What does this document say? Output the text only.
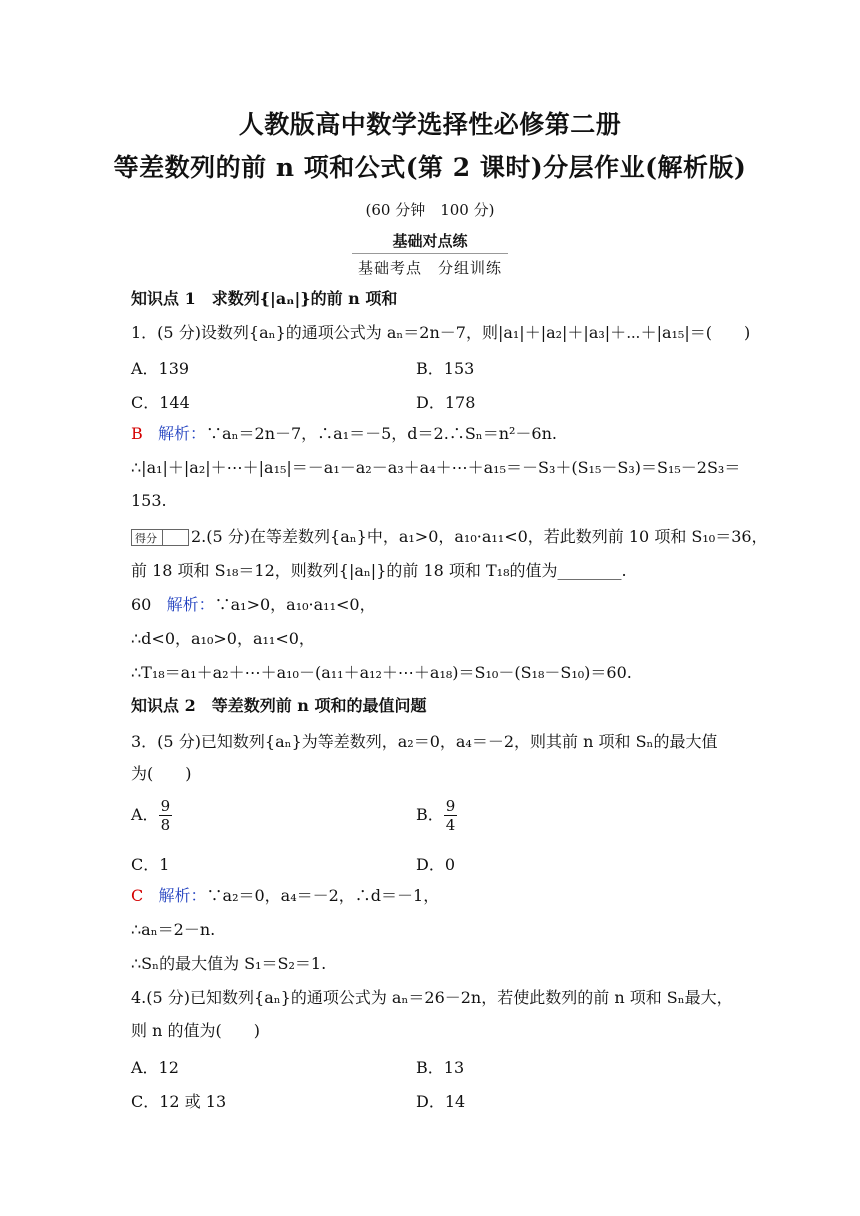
人教版高中数学选择性必修第二册
等差数列的前 n 项和公式(第 2 课时)分层作业(解析版)
(60 分钟　100 分)
基础对点练
基础考点　分组训练
知识点 1　求数列{|aₙ|}的前 n 项和
1．(5 分)设数列{aₙ}的通项公式为 aₙ＝2n－7，则|a₁|＋|a₂|＋|a₃|＋⋯＋|a₁₅|＝(　　)
A．139	B．153
C．144	D．178
B 解析：∵aₙ＝2n－7，∴a₁＝－5，d＝2.∴Sₙ＝n²－6n.
∴|a₁|＋|a₂|＋⋯＋|a₁₅|＝－a₁－a₂－a₃＋a₄＋⋯＋a₁₅＝－S₃＋(S₁₅－S₃)＝S₁₅－2S₃＝
153.
得分 2.(5 分)在等差数列{aₙ}中，a₁>0，a₁₀·a₁₁<0，若此数列前 10 项和 S₁₀＝36，
前 18 项和 S₁₈＝12，则数列{|aₙ|}的前 18 项和 T₁₈的值为________.
60 解析：∵a₁>0，a₁₀·a₁₁<0，
∴d<0，a₁₀>0，a₁₁<0，
∴T₁₈＝a₁＋a₂＋⋯＋a₁₀－(a₁₁＋a₁₂＋⋯＋a₁₈)＝S₁₀－(S₁₈－S₁₀)＝60.
知识点 2　等差数列前 n 项和的最值问题
3．(5 分)已知数列{aₙ}为等差数列，a₂＝0，a₄＝－2，则其前 n 项和 Sₙ的最大值
为(　　)
A． $\frac{9}{8}$	B． $\frac{9}{4}$
C．1	D．0
C 解析：∵a₂＝0，a₄＝－2，∴d＝－1，
∴aₙ＝2－n.
∴Sₙ的最大值为 S₁＝S₂＝1.
4.(5 分)已知数列{aₙ}的通项公式为 aₙ＝26－2n，若使此数列的前 n 项和 Sₙ最大，
则 n 的值为(　　)
A．12	B．13
C．12 或 13	D．14
